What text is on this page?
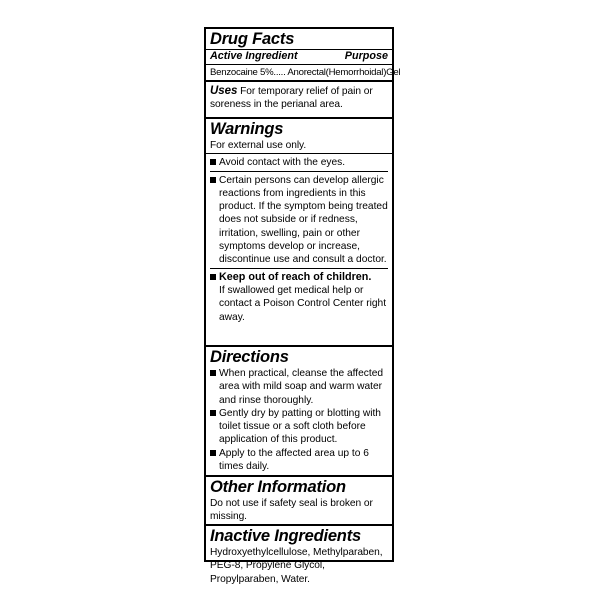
Drug Facts
Active Ingredient	Purpose
Benzocaine 5%..... Anorectal(Hemorrhoidal)Gel
Uses For temporary relief of pain or soreness in the perianal area.
Warnings
For external use only.
Avoid contact with the eyes.
Certain persons can develop allergic reactions from ingredients in this product. If the symptom being treated does not subside or if redness, irritation, swelling, pain or other symptoms develop or increase, discontinue use and consult a doctor.
Keep out of reach of children.
If swallowed get medical help or contact a Poison Control Center right away.
Directions
When practical, cleanse the affected area with mild soap and warm water and rinse thoroughly.
Gently dry by patting or blotting with toilet tissue or a soft cloth before application of this product.
Apply to the affected area up to 6 times daily.
Other Information
Do not use if safety seal is broken or missing.
Inactive Ingredients
Hydroxyethylcellulose, Methylparaben, PEG-8, Propylene Glycol, Propylparaben, Water.
